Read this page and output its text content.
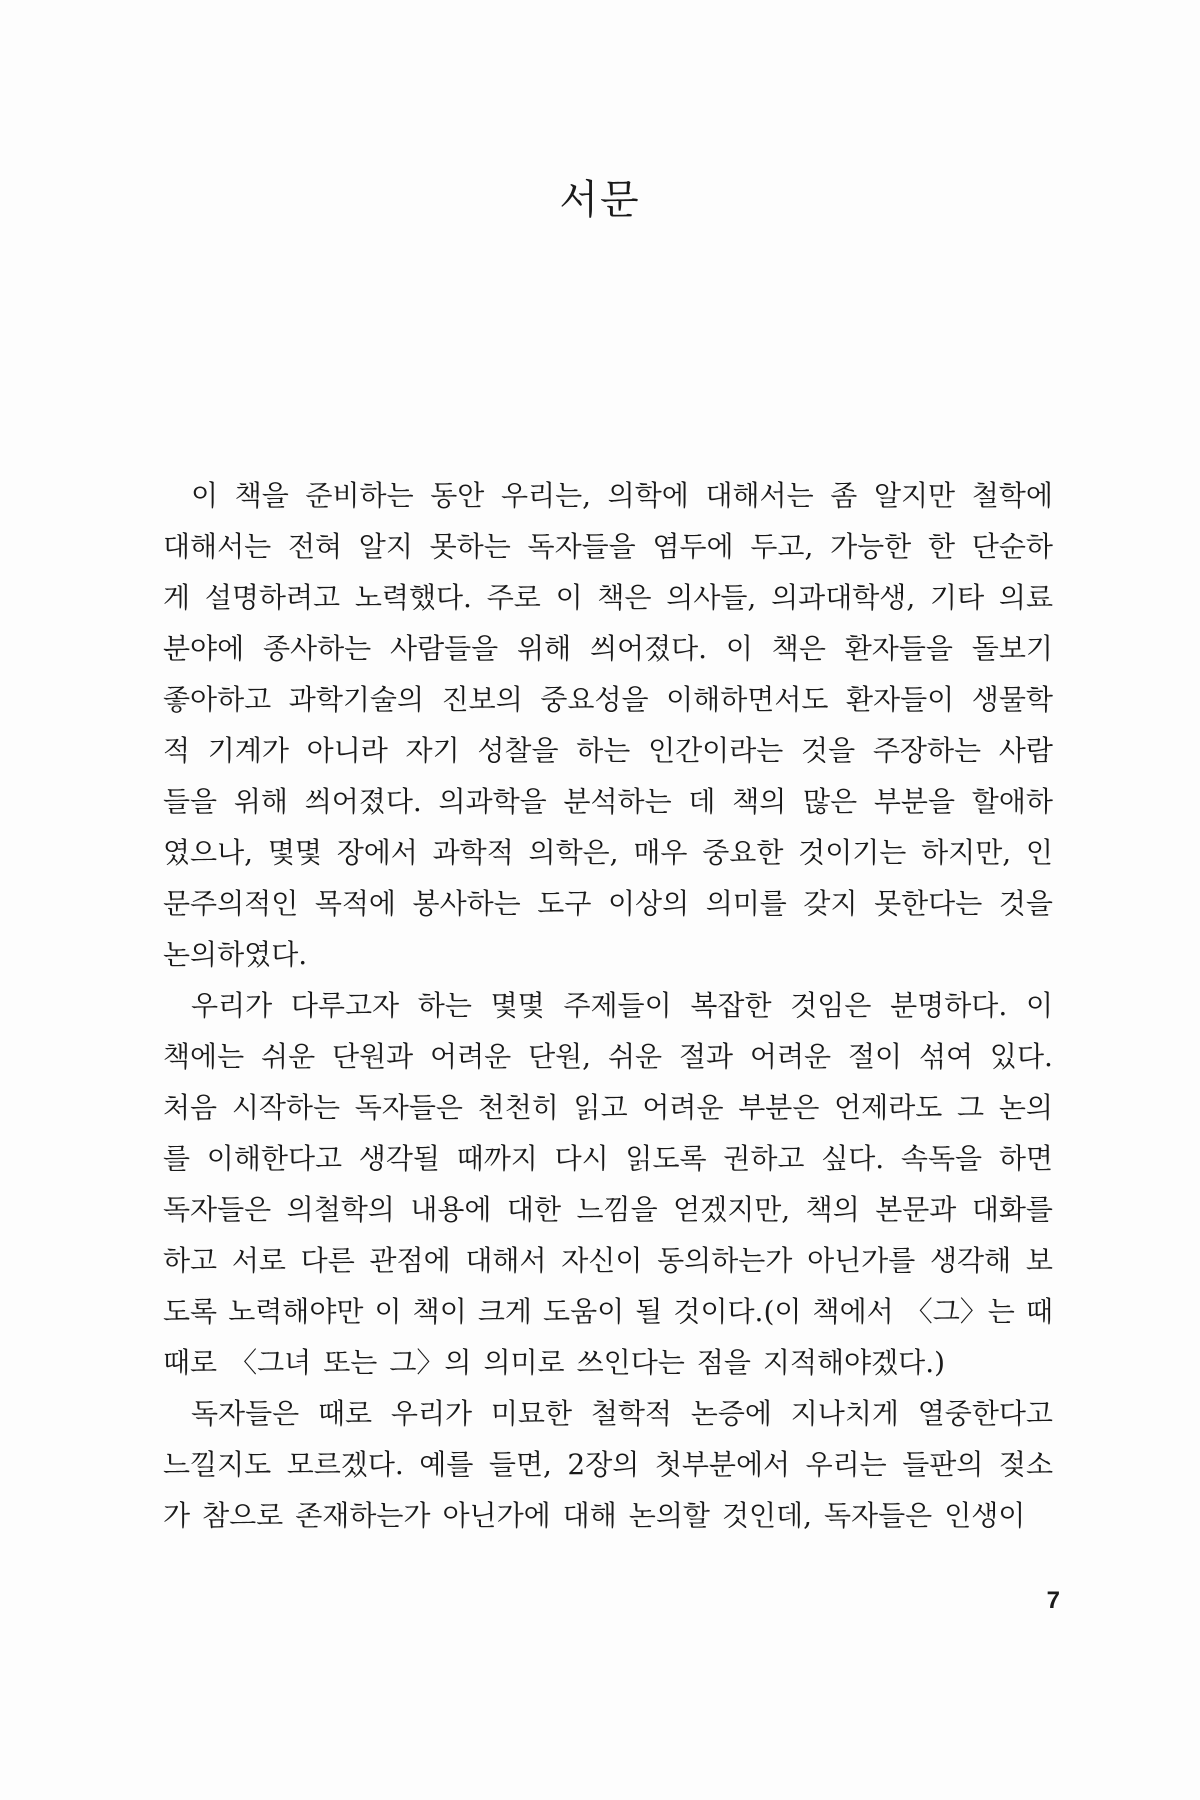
서문
이 책을 준비하는 동안 우리는, 의학에 대해서는 좀 알지만 철학에
대해서는 전혀 알지 못하는 독자들을 염두에 두고, 가능한 한 단순하
게 설명하려고 노력했다. 주로 이 책은 의사들, 의과대학생, 기타 의료
분야에 종사하는 사람들을 위해 씌어졌다. 이 책은 환자들을 돌보기
좋아하고 과학기술의 진보의 중요성을 이해하면서도 환자들이 생물학
적 기계가 아니라 자기 성찰을 하는 인간이라는 것을 주장하는 사람
들을 위해 씌어졌다. 의과학을 분석하는 데 책의 많은 부분을 할애하
였으나, 몇몇 장에서 과학적 의학은, 매우 중요한 것이기는 하지만, 인
문주의적인 목적에 봉사하는 도구 이상의 의미를 갖지 못한다는 것을
논의하였다.
우리가 다루고자 하는 몇몇 주제들이 복잡한 것임은 분명하다. 이
책에는 쉬운 단원과 어려운 단원, 쉬운 절과 어려운 절이 섞여 있다.
처음 시작하는 독자들은 천천히 읽고 어려운 부분은 언제라도 그 논의
를 이해한다고 생각될 때까지 다시 읽도록 권하고 싶다. 속독을 하면
독자들은 의철학의 내용에 대한 느낌을 얻겠지만, 책의 본문과 대화를
하고 서로 다른 관점에 대해서 자신이 동의하는가 아닌가를 생각해 보
도록 노력해야만 이 책이 크게 도움이 될 것이다.(이 책에서 〈그〉는 때
때로 〈그녀 또는 그〉의 의미로 쓰인다는 점을 지적해야겠다.)
독자들은 때로 우리가 미묘한 철학적 논증에 지나치게 열중한다고
느낄지도 모르겠다. 예를 들면, 2장의 첫부분에서 우리는 들판의 젖소
가 참으로 존재하는가 아닌가에 대해 논의할 것인데, 독자들은 인생이

7
